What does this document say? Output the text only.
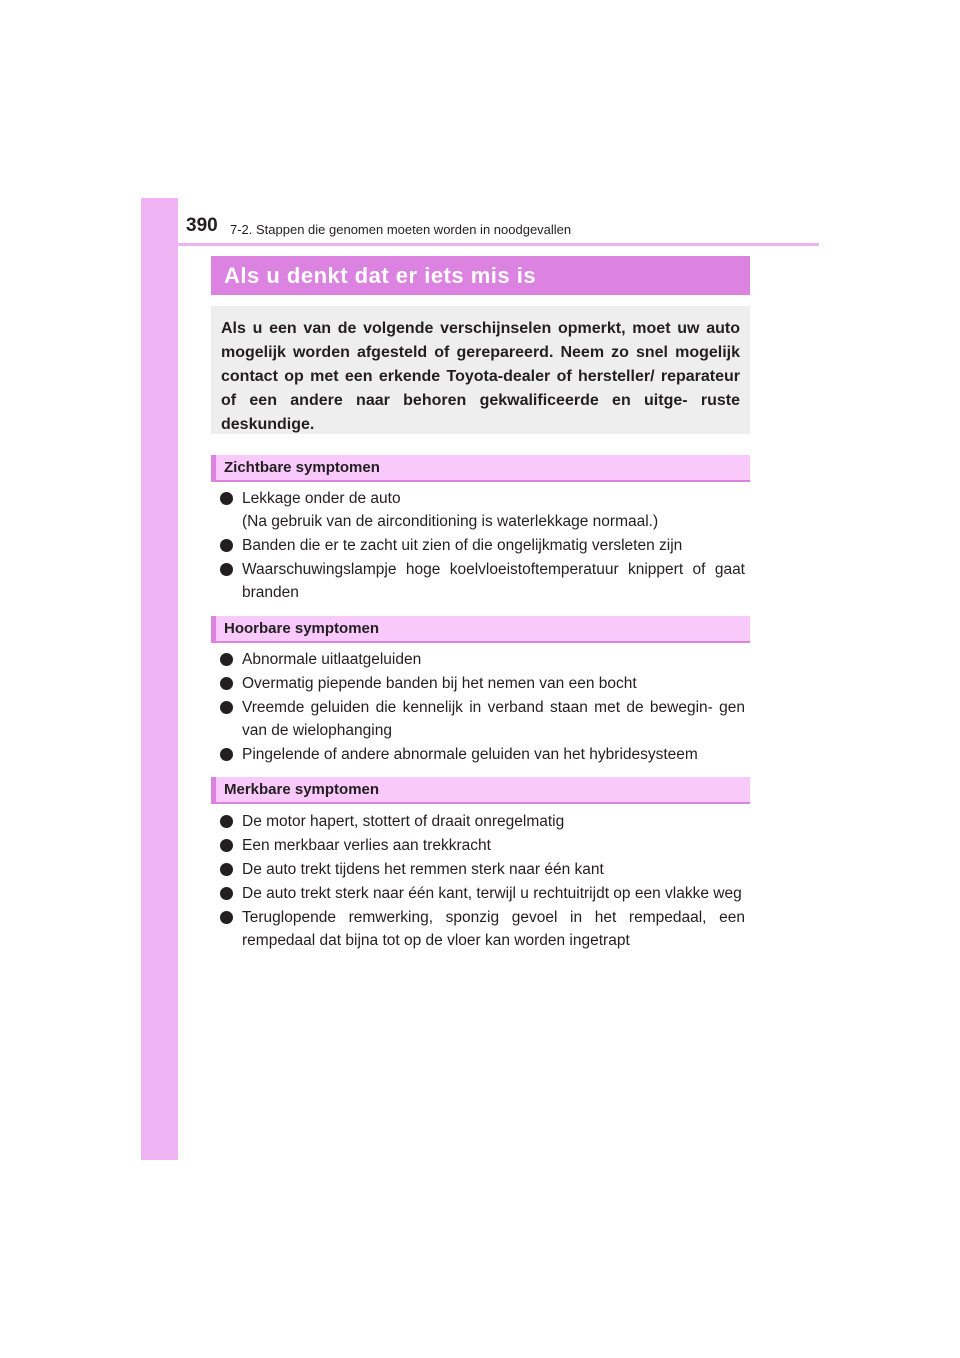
390 7-2. Stappen die genomen moeten worden in noodgevallen
Als u denkt dat er iets mis is

Als u een van de volgende verschijnselen opmerkt, moet uw auto mogelijk worden afgesteld of gerepareerd. Neem zo snel mogelijk contact op met een erkende Toyota-dealer of hersteller/ reparateur of een andere naar behoren gekwalificeerde en uitge- ruste deskundige.

Zichtbare symptomen
Lekkage onder de auto
(Na gebruik van de airconditioning is waterlekkage normaal.)
Banden die er te zacht uit zien of die ongelijkmatig versleten zijn
Waarschuwingslampje hoge koelvloeistoftemperatuur knippert of gaat branden
Hoorbare symptomen
Abnormale uitlaatgeluiden
Overmatig piepende banden bij het nemen van een bocht
Vreemde geluiden die kennelijk in verband staan met de bewegin- gen van de wielophanging
Pingelende of andere abnormale geluiden van het hybridesysteem
Merkbare symptomen
De motor hapert, stottert of draait onregelmatig
Een merkbaar verlies aan trekkracht
De auto trekt tijdens het remmen sterk naar één kant
De auto trekt sterk naar één kant, terwijl u rechtuitrijdt op een vlakke weg
Teruglopende remwerking, sponzig gevoel in het rempedaal, een rempedaal dat bijna tot op de vloer kan worden ingetrapt
